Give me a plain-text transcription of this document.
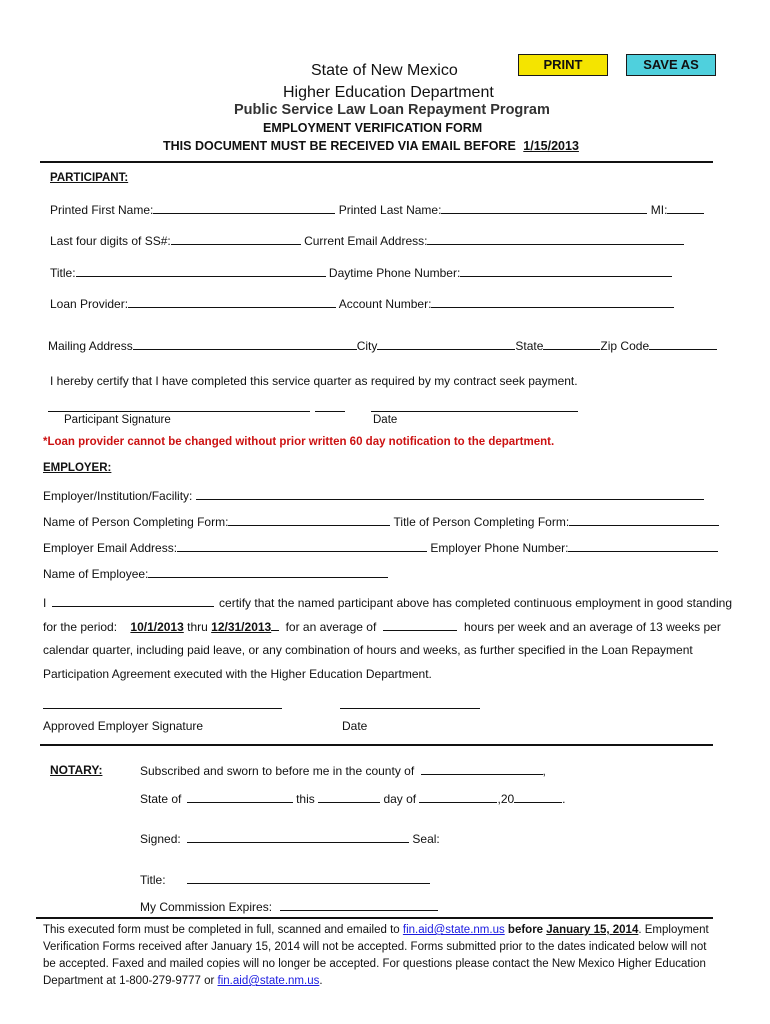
State of New Mexico
Higher Education Department
Public Service Law Loan Repayment Program
EMPLOYMENT VERIFICATION FORM
THIS DOCUMENT MUST BE RECEIVED VIA EMAIL BEFORE 1/15/2013
PRINT	SAVE AS
PARTICIPANT:
Printed First Name:	Printed Last Name:	MI:
Last four digits of SS#:	Current Email Address:
Title:	Daytime Phone Number:
Loan Provider:	Account Number:
Mailing Address	City	State	Zip Code
I hereby certify that I have completed this service quarter as required by my contract seek payment.
Participant Signature	Date
*Loan provider cannot be changed without prior written 60 day notification to the department.
EMPLOYER:
Employer/Institution/Facility:
Name of Person Completing Form:	Title of Person Completing Form:
Employer Email Address:	Employer Phone Number:
Name of Employee:
I	certify that the named participant above has completed continuous employment in good standing
for the period: 10/1/2013 thru 12/31/2013 for an average of	hours per week and an average of 13 weeks per
calendar quarter, including paid leave, or any combination of hours and weeks, as further specified in the Loan Repayment
Participation Agreement executed with the Higher Education Department.
Approved Employer Signature	Date
NOTARY:	Subscribed and sworn to before me in the county of	,
State of	this	day of	,20	.
Signed:	Seal:
Title:
My Commission Expires:
This executed form must be completed in full, scanned and emailed to fin.aid@state.nm.us before January 15, 2014. Employment
Verification Forms received after January 15, 2014 will not be accepted. Forms submitted prior to the dates indicated below will not
be accepted. Faxed and mailed copies will no longer be accepted. For questions please contact the New Mexico Higher Education
Department at 1-800-279-9777 or fin.aid@state.nm.us.
